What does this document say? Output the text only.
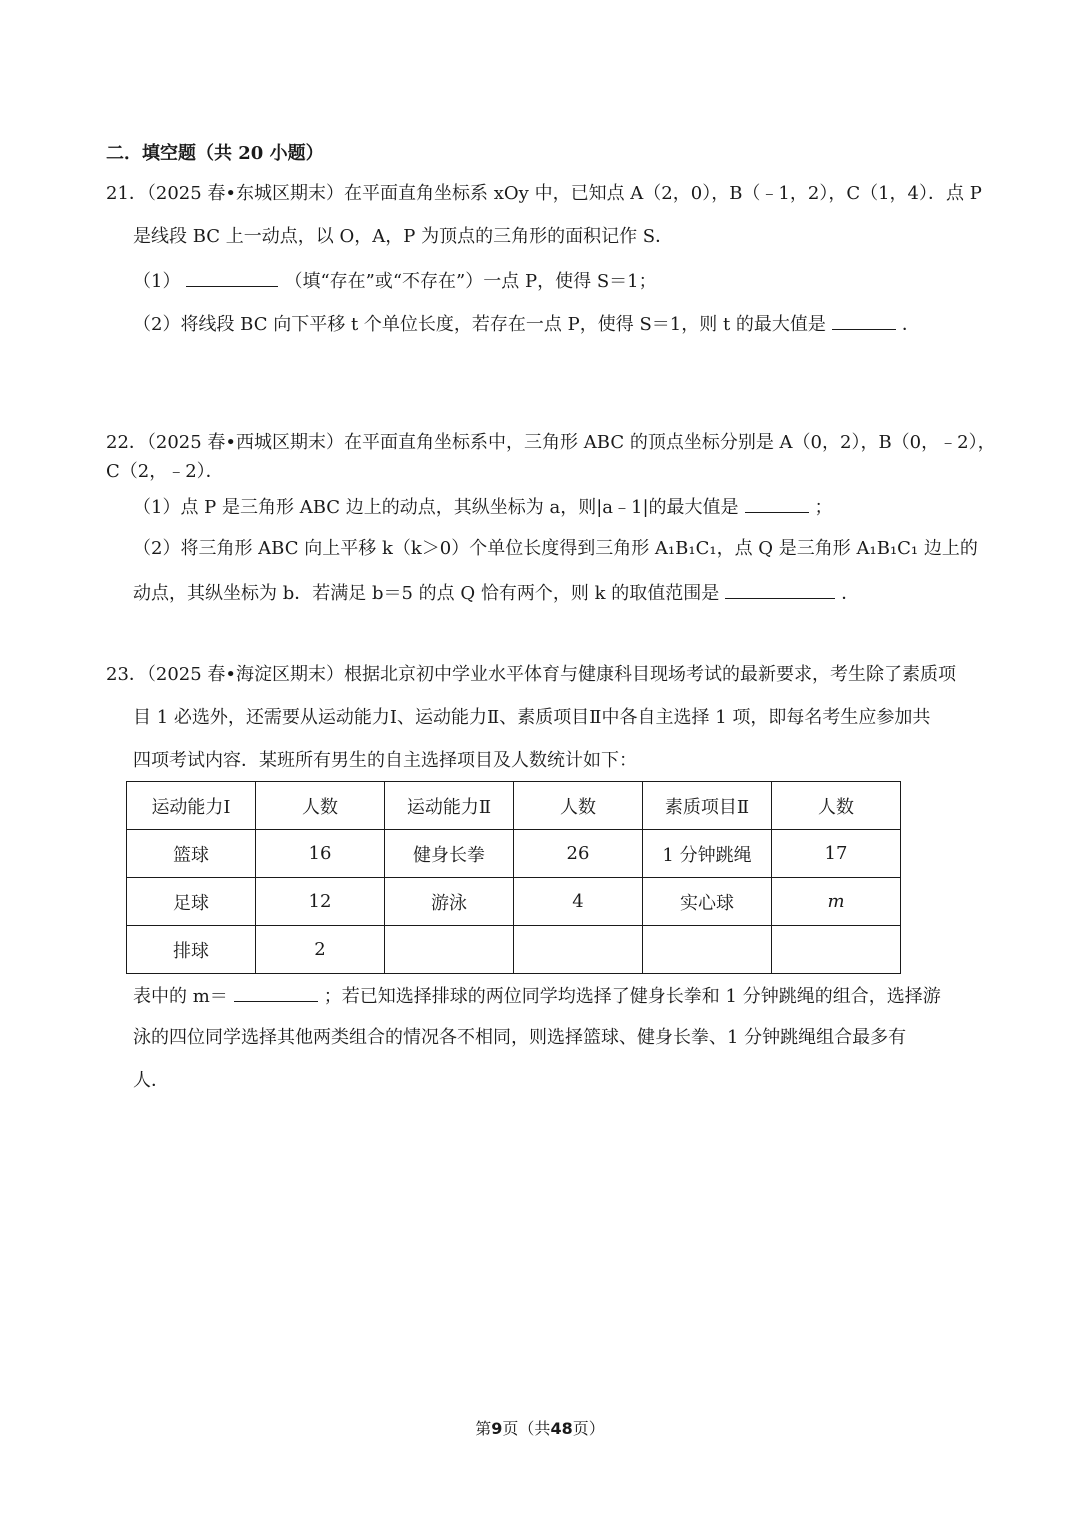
二．填空题（共 20 小题）
21．（2025 春•东城区期末）在平面直角坐标系 xOy 中，已知点 A（2，0），B（﹣1，2），C（1，4）．点 P
是线段 BC 上一动点，以 O，A，P 为顶点的三角形的面积记作 S．
（1）	（填“存在”或“不存在”）一点 P，使得 S＝1；
（2）将线段 BC 向下平移 t 个单位长度，若存在一点 P，使得 S＝1，则 t 的最大值是	．
22．（2025 春•西城区期末）在平面直角坐标系中，三角形 ABC 的顶点坐标分别是 A（0，2），B（0，﹣2），
C（2，﹣2）．
（1）点 P 是三角形 ABC 边上的动点，其纵坐标为 a，则|a﹣1|的最大值是	；
（2）将三角形 ABC 向上平移 k（k＞0）个单位长度得到三角形 A₁B₁C₁，点 Q 是三角形 A₁B₁C₁ 边上的
动点，其纵坐标为 b．若满足 b＝5 的点 Q 恰有两个，则 k 的取值范围是	．
23．（2025 春•海淀区期末）根据北京初中学业水平体育与健康科目现场考试的最新要求，考生除了素质项
目 1 必选外，还需要从运动能力Ⅰ、运动能力Ⅱ、素质项目Ⅱ中各自主选择 1 项，即每名考生应参加共
四项考试内容．某班所有男生的自主选择项目及人数统计如下：
运动能力Ⅰ	人数	运动能力Ⅱ	人数	素质项目Ⅱ	人数
篮球	16	健身长拳	26	1 分钟跳绳	17
足球	12	游泳	4	实心球	m
排球	2				
表中的 m＝	；若已知选择排球的两位同学均选择了健身长拳和 1 分钟跳绳的组合，选择游
泳的四位同学选择其他两类组合的情况各不相同，则选择篮球、健身长拳、1 分钟跳绳组合最多有
人．
第9页（共48页）
